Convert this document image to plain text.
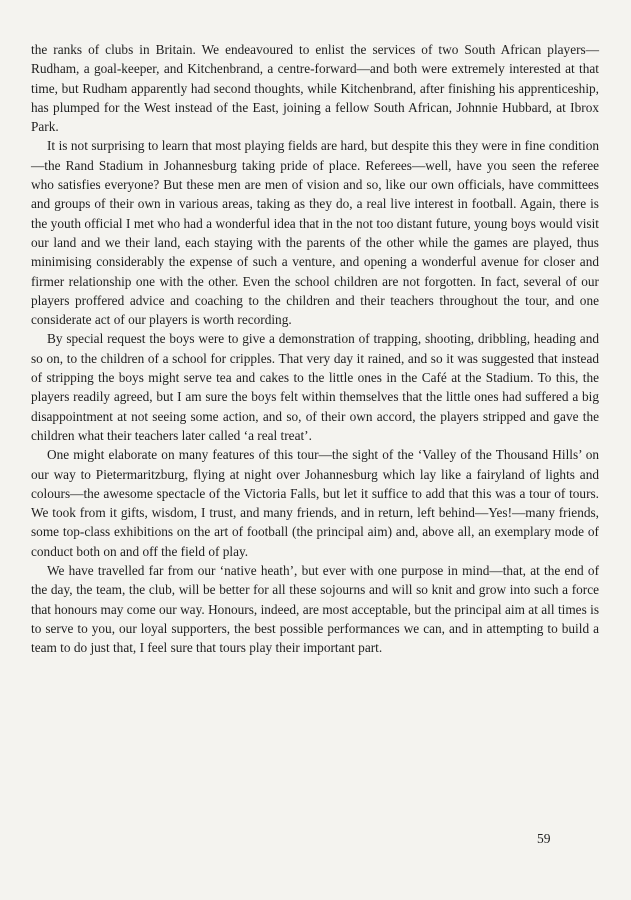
the ranks of clubs in Britain. We endeavoured to enlist the services of two South African players—Rudham, a goal-keeper, and Kitchenbrand, a centre-forward—and both were extremely interested at that time, but Rudham apparently had second thoughts, while Kitchenbrand, after finishing his apprenticeship, has plumped for the West instead of the East, joining a fellow South African, Johnnie Hubbard, at Ibrox Park.

It is not surprising to learn that most playing fields are hard, but despite this they were in fine condition—the Rand Stadium in Johannesburg taking pride of place. Referees—well, have you seen the referee who satisfies everyone? But these men are men of vision and so, like our own officials, have committees and groups of their own in various areas, taking as they do, a real live interest in football. Again, there is the youth official I met who had a wonderful idea that in the not too distant future, young boys would visit our land and we their land, each staying with the parents of the other while the games are played, thus minimising considerably the expense of such a venture, and opening a wonderful avenue for closer and firmer relationship one with the other. Even the school children are not forgotten. In fact, several of our players proffered advice and coaching to the children and their teachers throughout the tour, and one considerate act of our players is worth recording.

By special request the boys were to give a demonstration of trapping, shooting, dribbling, heading and so on, to the children of a school for cripples. That very day it rained, and so it was suggested that instead of stripping the boys might serve tea and cakes to the little ones in the Café at the Stadium. To this, the players readily agreed, but I am sure the boys felt within themselves that the little ones had suffered a big disappointment at not seeing some action, and so, of their own accord, the players stripped and gave the children what their teachers later called ‘a real treat’.

One might elaborate on many features of this tour—the sight of the ‘Valley of the Thousand Hills’ on our way to Pietermaritzburg, flying at night over Johannesburg which lay like a fairyland of lights and colours—the awesome spectacle of the Victoria Falls, but let it suffice to add that this was a tour of tours. We took from it gifts, wisdom, I trust, and many friends, and in return, left behind—Yes!—many friends, some top-class exhibitions on the art of football (the principal aim) and, above all, an exemplary mode of conduct both on and off the field of play.

We have travelled far from our ‘native heath’, but ever with one purpose in mind—that, at the end of the day, the team, the club, will be better for all these sojourns and will so knit and grow into such a force that honours may come our way. Honours, indeed, are most acceptable, but the principal aim at all times is to serve to you, our loyal supporters, the best possible performances we can, and in attempting to build a team to do just that, I feel sure that tours play their important part.

59
